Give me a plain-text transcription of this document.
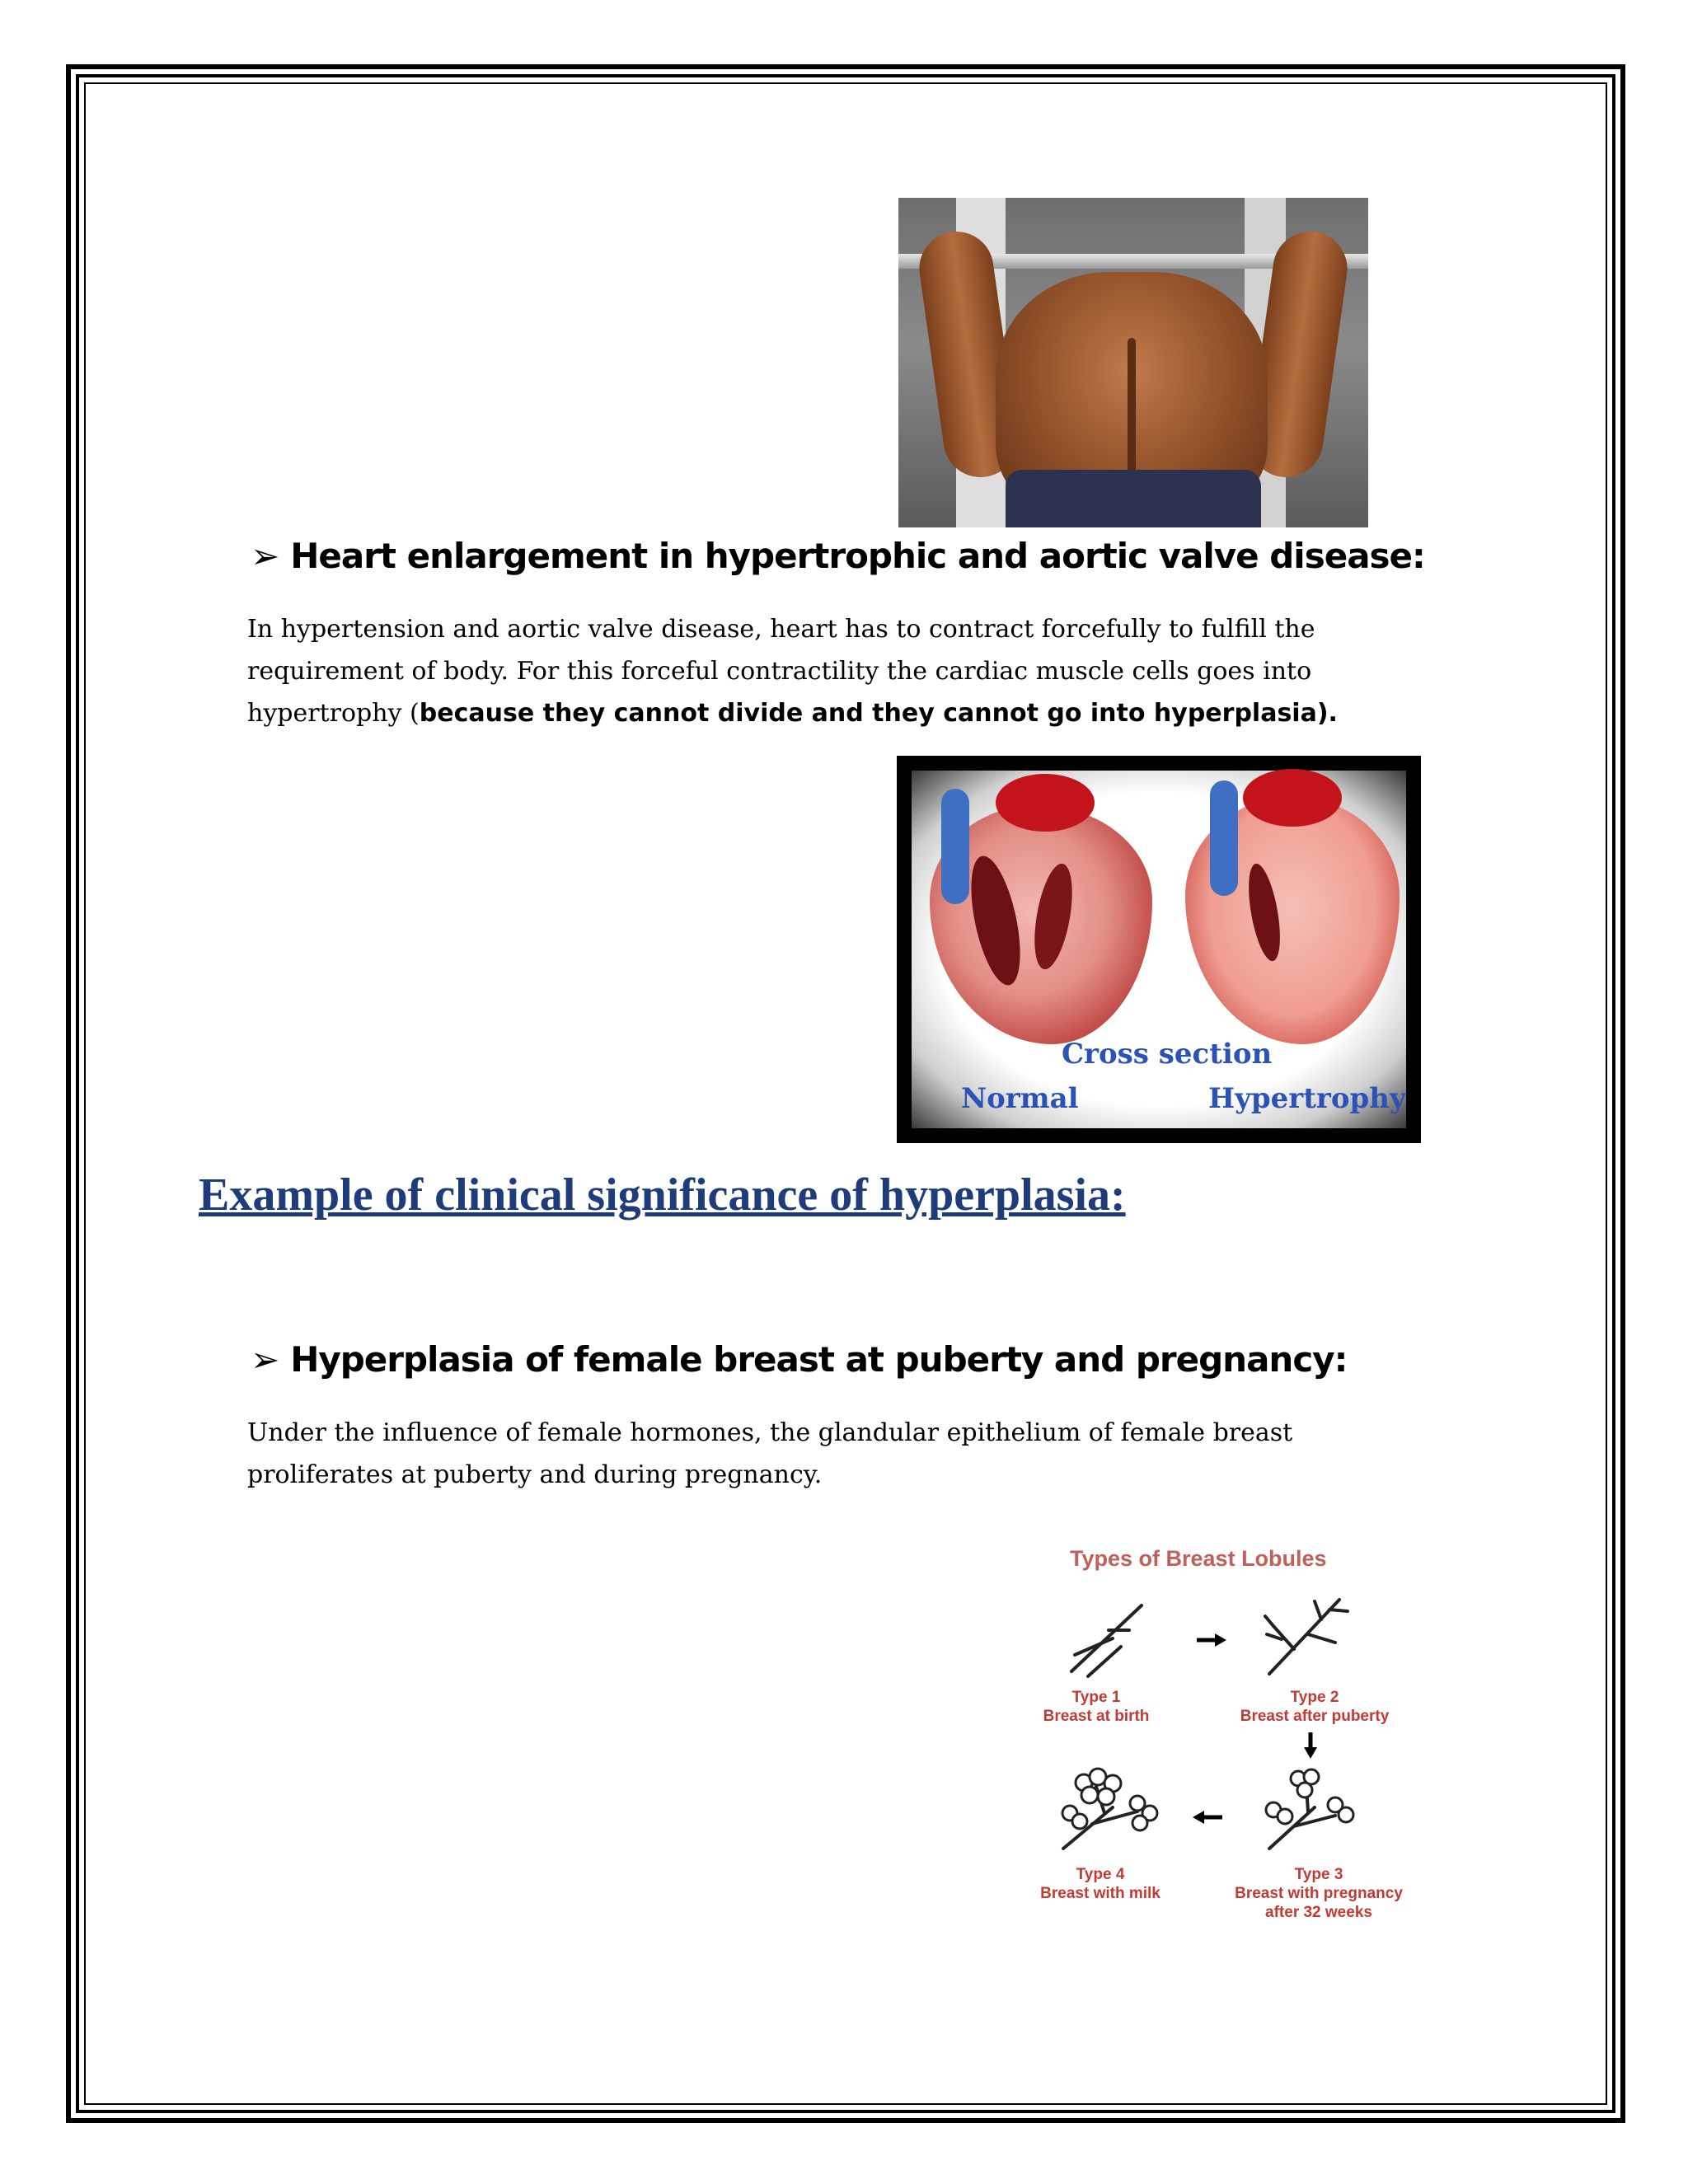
➢ Heart enlargement in hypertrophic and aortic valve disease:
In hypertension and aortic valve disease, heart has to contract forcefully to fulfill the requirement of body. For this forceful contractility the cardiac muscle cells goes into hypertrophy (because they cannot divide and they cannot go into hyperplasia).
Cross section
Normal	Hypertrophy
Example of clinical significance of hyperplasia:
➢ Hyperplasia of female breast at puberty and pregnancy:
Under the influence of female hormones, the glandular epithelium of female breast proliferates at puberty and during pregnancy.
Types of Breast Lobules
Type 1
Breast at birth
Type 2
Breast after puberty
Type 4
Breast with milk
Type 3
Breast with pregnancy
after 32 weeks
